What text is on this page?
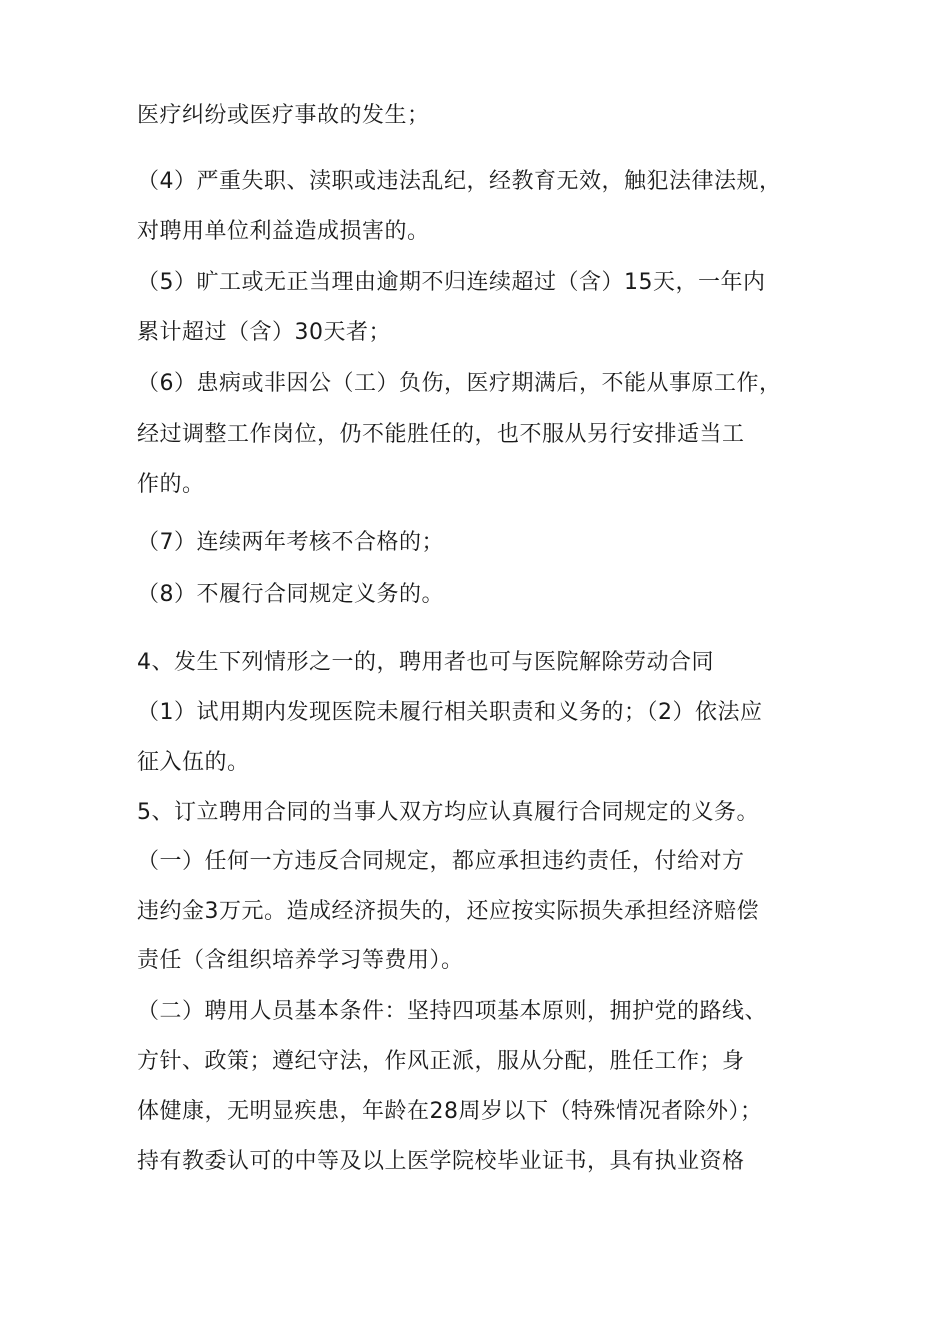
医疗纠纷或医疗事故的发生；
（4）严重失职、渎职或违法乱纪，经教育无效，触犯法律法规，
对聘用单位利益造成损害的。
（5）旷工或无正当理由逾期不归连续超过（含）15天，一年内
累计超过（含）30天者；
（6）患病或非因公（工）负伤，医疗期满后，不能从事原工作，
经过调整工作岗位，仍不能胜任的，也不服从另行安排适当工
作的。
（7）连续两年考核不合格的；
（8）不履行合同规定义务的。
4、发生下列情形之一的，聘用者也可与医院解除劳动合同
（1）试用期内发现医院未履行相关职责和义务的；（2）依法应
征入伍的。
5、订立聘用合同的当事人双方均应认真履行合同规定的义务。
（一）任何一方违反合同规定，都应承担违约责任，付给对方
违约金3万元。造成经济损失的，还应按实际损失承担经济赔偿
责任（含组织培养学习等费用）。
（二）聘用人员基本条件：坚持四项基本原则，拥护党的路线、
方针、政策；遵纪守法，作风正派，服从分配，胜任工作；身
体健康，无明显疾患，年龄在28周岁以下（特殊情况者除外）；
持有教委认可的中等及以上医学院校毕业证书，具有执业资格
